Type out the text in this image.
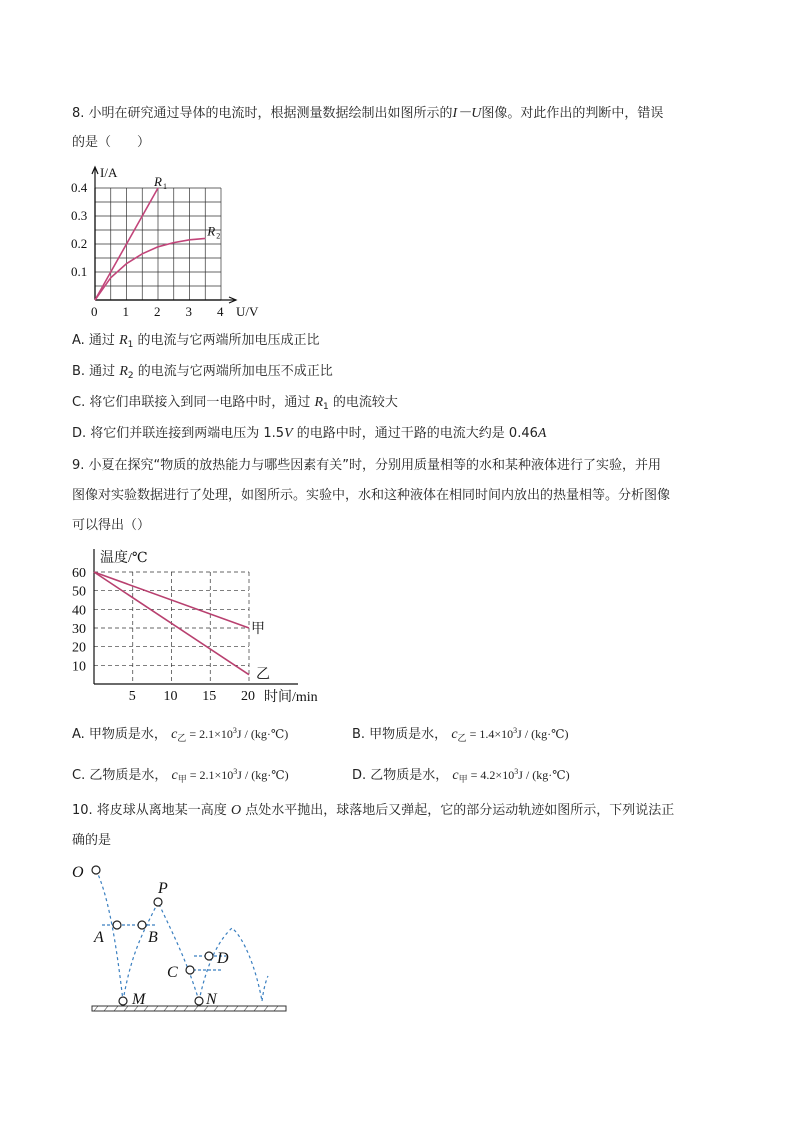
8. 小明在研究通过导体的电流时，根据测量数据绘制出如图所示的I－U图像。对此作出的判断中，错误
的是（　　）
0 1 2 3 4
0.1
0.2
0.3
0.4
I/A
U/V
R 1
R 2
A. 通过 $R_1$ 的电流与它两端所加电压成正比
B. 通过 $R_2$ 的电流与它两端所加电压不成正比
C. 将它们串联接入到同一电路中时，通过 $R_1$ 的电流较大
D. 将它们并联连接到两端电压为 1.5V 的电路中时，通过干路的电流大约是 0.46A
9. 小夏在探究“物质的放热能力与哪些因素有关”时，分别用质量相等的水和某种液体进行了实验，并用
图像对实验数据进行了处理，如图所示。实验中，水和这种液体在相同时间内放出的热量相等。分析图像
可以得出（）
5 10 15 20
10
20
30
40
50
60
温度/℃
时间/min
甲
乙
A. 甲物质是水， $c_乙 = 2.1\times 10^3J$ / (kg·℃)	B. 甲物质是水， $c_乙 = 1.4\times 10^3J$ / (kg·℃)
C. 乙物质是水， $c_甲 = 2.1\times 10^3J$ / (kg·℃)	D. 乙物质是水， $c_甲 = 4.2\times 10^3J$ / (kg·℃)
10. 将皮球从离地某一高度 O 点处水平抛出，球落地后又弹起，它的部分运动轨迹如图所示，下列说法正
确的是
O
A	B
P
M
C
D
N
